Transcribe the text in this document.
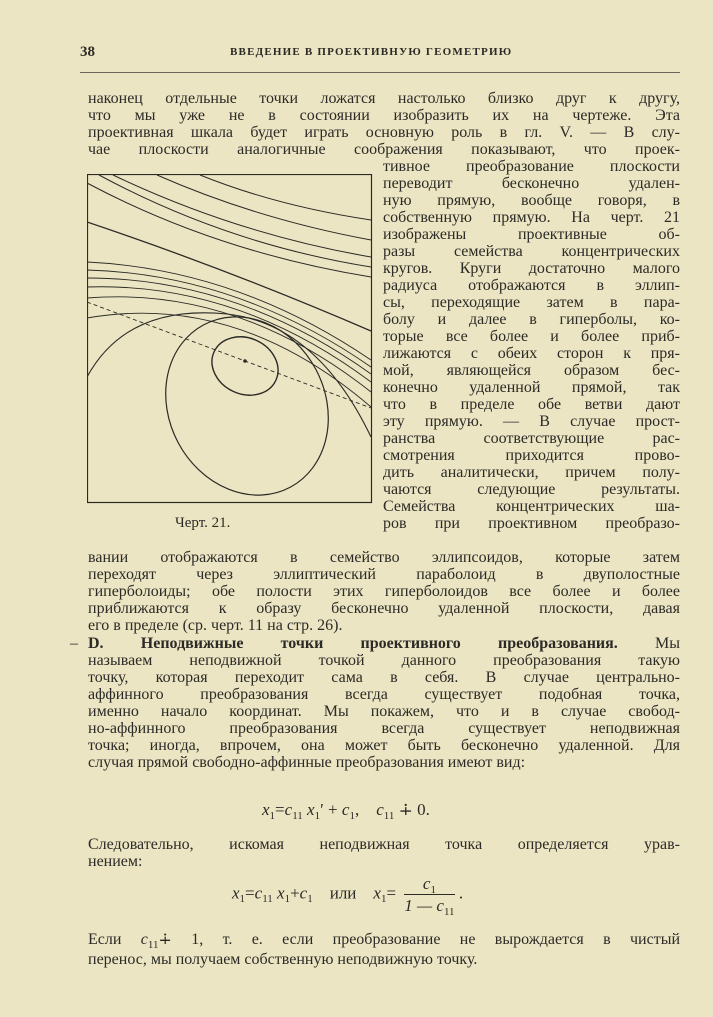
38	ВВЕДЕНИЕ В ПРОЕКТИВНУЮ ГЕОМЕТРИЮ
наконец отдельные точки ложатся настолько близко друг к другу,
что мы уже не в состоянии изобразить их на чертеже. Эта
проективная шкала будет играть основную роль в гл. V. — В слу-
чае плоскости аналогичные соображения показывают, что проек-
тивное преобразование плоскости
переводит бесконечно удален-
ную прямую, вообще говоря, в
собственную прямую. На черт. 21
изображены проективные об-
разы семейства концентрических
кругов. Круги достаточно малого
радиуса отображаются в эллип-
сы, переходящие затем в пара-
болу и далее в гиперболы, ко-
торые все более и более приб-
лижаются с обеих сторон к пря-
мой, являющейся образом бес-
конечно удаленной прямой, так
что в пределе обе ветви дают
эту прямую. — В случае прост-
ранства соответствующие рас-
смотрения приходится прово-
дить аналитически, причем полу-
чаются следующие результаты.
Семейства концентрических ша-
ров при проективном преобразо-
Черт. 21.
вании отображаются в семейство эллипсоидов, которые затем
переходят через эллиптический параболоид в двуполостные
гиперболоиды; обе полости этих гиперболоидов все более и более
приближаются к образу бесконечно удаленной плоскости, давая
его в пределе (ср. черт. 11 на стр. 26).
– D. Неподвижные точки проективного преобразования. Мы
называем неподвижной точкой данного преобразования такую
точку, которая переходит сама в себя. В случае центрально-
аффинного преобразования всегда существует подобная точка,
именно начало координат. Мы покажем, что и в случае свобод-
но-аффинного преобразования всегда существует неподвижная
точка; иногда, впрочем, она может быть бесконечно удаленной. Для
случая прямой свободно-аффинные преобразования имеют вид:
$x_1=c_{11}$ $x_1' + c_1$,    $c_{11}$ ∔ 0.
Следовательно, искомая неподвижная точка определяется урав-
нением:
$x_1=c_{11}$ $x_1+c_1$ или $x_1= \frac{c_1}{1 — c_{11}}$ .
Если $c_{11}∔$ 1, т. е. если преобразование не вырождается в чистый
перенос, мы получаем собственную неподвижную точку.
